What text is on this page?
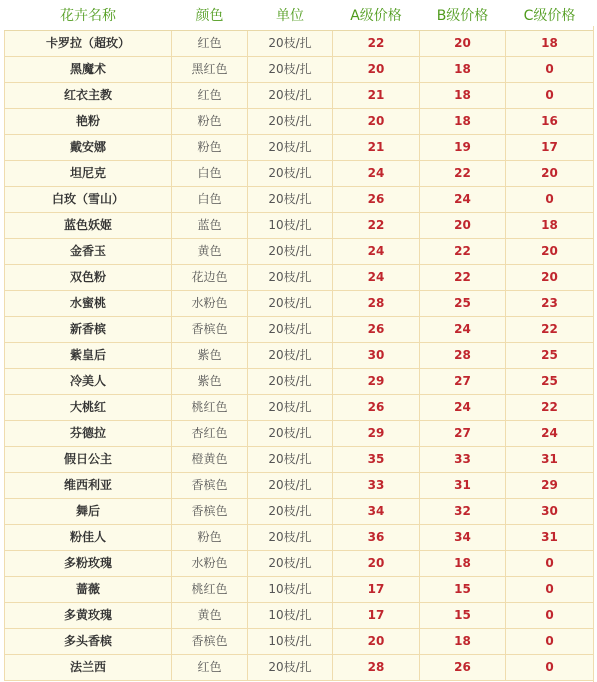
花卉名称	颜色	单位	A级价格	B级价格	C级价格
卡罗拉（超玫）	红色	20枝/扎	22	20	18
黑魔术	黑红色	20枝/扎	20	18	0
红衣主教	红色	20枝/扎	21	18	0
艳粉	粉色	20枝/扎	20	18	16
戴安娜	粉色	20枝/扎	21	19	17
坦尼克	白色	20枝/扎	24	22	20
白玫（雪山）	白色	20枝/扎	26	24	0
蓝色妖姬	蓝色	10枝/扎	22	20	18
金香玉	黄色	20枝/扎	24	22	20
双色粉	花边色	20枝/扎	24	22	20
水蜜桃	水粉色	20枝/扎	28	25	23
新香槟	香槟色	20枝/扎	26	24	22
紫皇后	紫色	20枝/扎	30	28	25
冷美人	紫色	20枝/扎	29	27	25
大桃红	桃红色	20枝/扎	26	24	22
芬德拉	杏红色	20枝/扎	29	27	24
假日公主	橙黄色	20枝/扎	35	33	31
维西利亚	香槟色	20枝/扎	33	31	29
舞后	香槟色	20枝/扎	34	32	30
粉佳人	粉色	20枝/扎	36	34	31
多粉玫瑰	水粉色	20枝/扎	20	18	0
蔷薇	桃红色	10枝/扎	17	15	0
多黄玫瑰	黄色	10枝/扎	17	15	0
多头香槟	香槟色	10枝/扎	20	18	0
法兰西	红色	20枝/扎	28	26	0
